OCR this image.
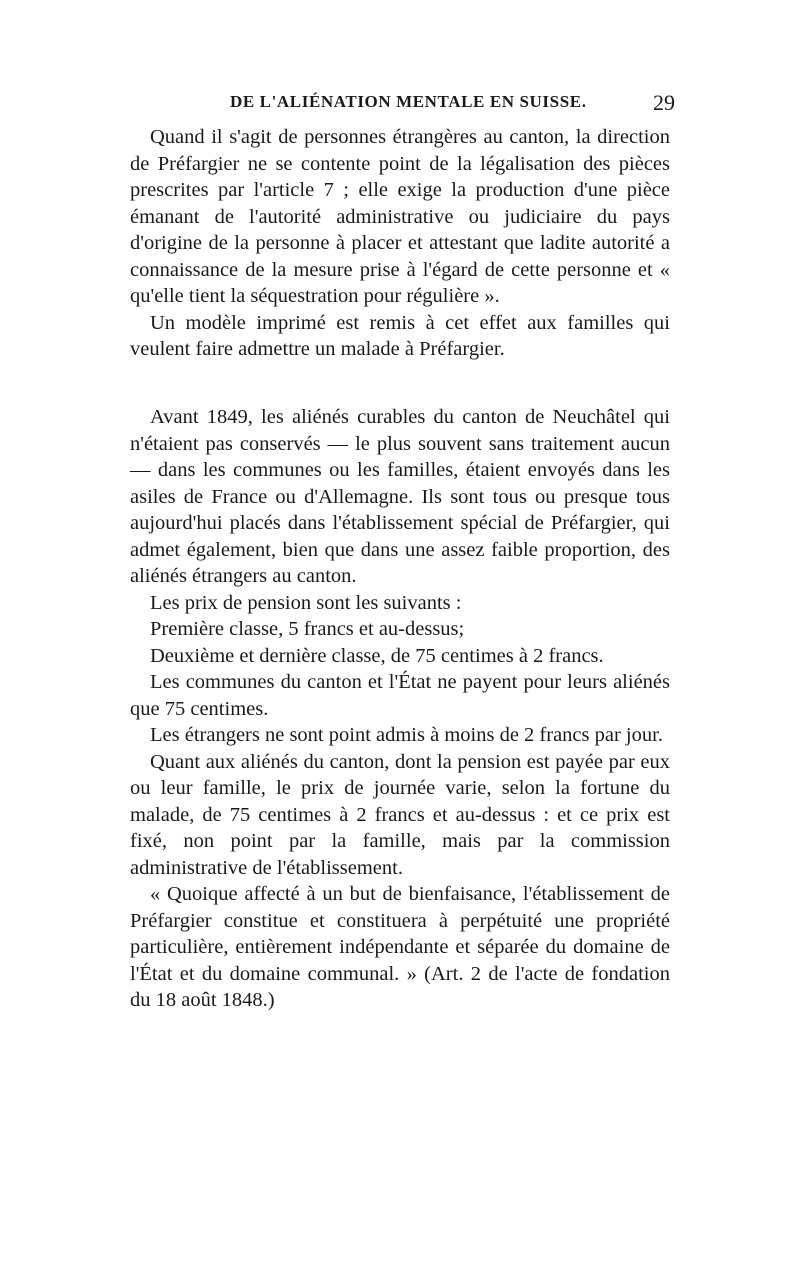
DE L'ALIÉNATION MENTALE EN SUISSE.	29

Quand il s'agit de personnes étrangères au canton, la direction de Préfargier ne se contente point de la légalisation des pièces prescrites par l'article 7 ; elle exige la production d'une pièce émanant de l'autorité administrative ou judiciaire du pays d'origine de la personne à placer et attestant que ladite autorité a connaissance de la mesure prise à l'égard de cette personne et « qu'elle tient la séquestration pour régulière ».

Un modèle imprimé est remis à cet effet aux familles qui veulent faire admettre un malade à Préfargier.

Avant 1849, les aliénés curables du canton de Neuchâtel qui n'étaient pas conservés — le plus souvent sans traitement aucun — dans les communes ou les familles, étaient envoyés dans les asiles de France ou d'Allemagne. Ils sont tous ou presque tous aujourd'hui placés dans l'établissement spécial de Préfargier, qui admet également, bien que dans une assez faible proportion, des aliénés étrangers au canton.

Les prix de pension sont les suivants :

Première classe, 5 francs et au-dessus;

Deuxième et dernière classe, de 75 centimes à 2 francs.

Les communes du canton et l'État ne payent pour leurs aliénés que 75 centimes.

Les étrangers ne sont point admis à moins de 2 francs par jour.

Quant aux aliénés du canton, dont la pension est payée par eux ou leur famille, le prix de journée varie, selon la fortune du malade, de 75 centimes à 2 francs et au-dessus : et ce prix est fixé, non point par la famille, mais par la commission administrative de l'établissement.

« Quoique affecté à un but de bienfaisance, l'établissement de Préfargier constitue et constituera à perpétuité une propriété particulière, entièrement indépendante et séparée du domaine de l'État et du domaine communal. » (Art. 2 de l'acte de fondation du 18 août 1848.)
